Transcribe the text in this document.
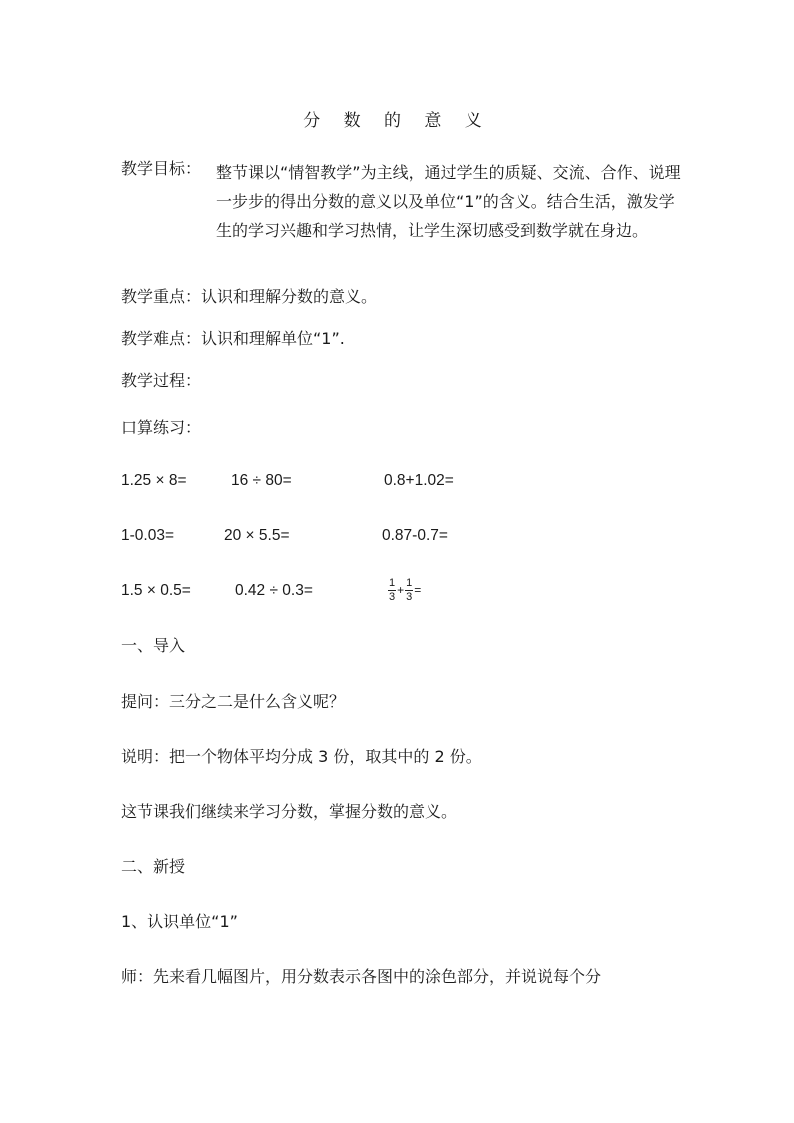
分 数 的 意 义
教学目标： 整节课以“情智教学”为主线，通过学生的质疑、交流、合作、说理一步步的得出分数的意义以及单位“1”的含义。结合生活，激发学生的学习兴趣和学习热情，让学生深切感受到数学就在身边。
教学重点：认识和理解分数的意义。
教学难点：认识和理解单位“1”.
教学过程：
口算练习：
1.25 × 8=	16 ÷ 80=	0.8+1.02=
1-0.03=	20 × 5.5=	0.87-0.7=
1.5 × 0.5=	0.42 ÷ 0.3=	$\frac{1}{3} + \frac{1}{3}$ =
一、导入
提问：三分之二是什么含义呢？
说明：把一个物体平均分成 3 份，取其中的 2 份。
这节课我们继续来学习分数，掌握分数的意义。
二、新授
1、认识单位“1”
师：先来看几幅图片，用分数表示各图中的涂色部分，并说说每个分
